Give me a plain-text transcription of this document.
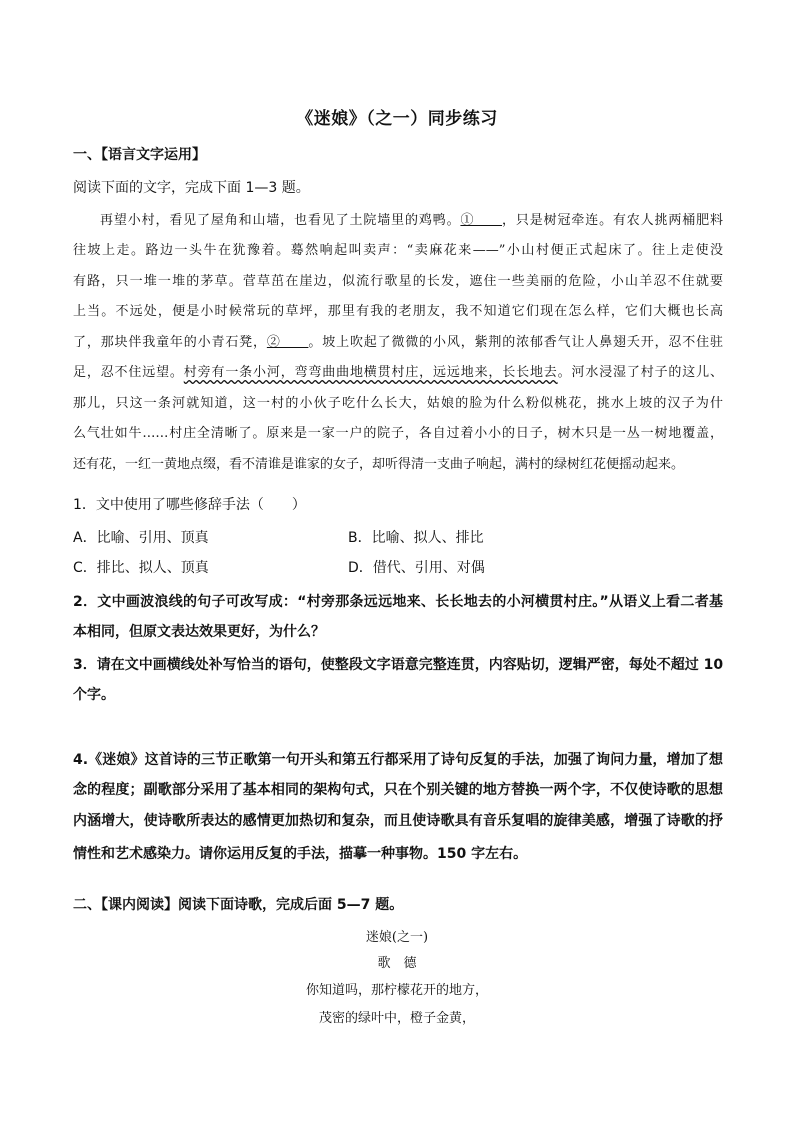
《迷娘》（之一）同步练习
一、【语言文字运用】
阅读下面的文字，完成下面 1—3 题。
再望小村，看见了屋角和山墙，也看见了土院墙里的鸡鸭。①　　，只是树冠牵连。有农人挑两桶肥料
往坡上走。路边一头牛在犹豫着。蓦然响起叫卖声：“卖麻花来——”小山村便正式起床了。往上走使没
有路，只一堆一堆的茅草。菅草茁在崖边，似流行歌星的长发，遮住一些美丽的危险，小山羊忍不住就要
上当。不远处，便是小时候常玩的草坪，那里有我的老朋友，我不知道它们现在怎么样，它们大概也长高
了，那块伴我童年的小青石凳，②　　。坡上吹起了微微的小风，紫荆的浓郁香气让人鼻翅夭开，忍不住驻
足，忍不住远望。村旁有一条小河，弯弯曲曲地横贯村庄，远远地来，长长地去。河水浸湿了村子的这儿、
那儿，只这一条河就知道，这一村的小伙子吃什么长大，姑娘的脸为什么粉似桃花，挑水上坡的汉子为什
么气壮如牛……村庄全清晰了。原来是一家一户的院子，各自过着小小的日子，树木只是一丛一树地覆盖，
还有花，一红一黄地点缀，看不清谁是谁家的女子，却听得清一支曲子响起，满村的绿树红花便摇动起来。
1．文中使用了哪些修辞手法（　　）
A．比喻、引用、顶真	B．比喻、拟人、排比
C．排比、拟人、顶真	D．借代、引用、对偶
2．文中画波浪线的句子可改写成：“村旁那条远远地来、长长地去的小河横贯村庄。”从语义上看二者基
本相同，但原文表达效果更好，为什么？
3．请在文中画横线处补写恰当的语句，使整段文字语意完整连贯，内容贴切，逻辑严密，每处不超过 10
个字。
4.《迷娘》这首诗的三节正歌第一句开头和第五行都采用了诗句反复的手法，加强了询问力量，增加了想
念的程度；副歌部分采用了基本相同的架构句式，只在个别关键的地方替换一两个字，不仅使诗歌的思想
内涵增大，使诗歌所表达的感情更加热切和复杂，而且使诗歌具有音乐复唱的旋律美感，增强了诗歌的抒
情性和艺术感染力。请你运用反复的手法，描摹一种事物。150 字左右。
二、【课内阅读】阅读下面诗歌，完成后面 5—7 题。
迷娘(之一)
歌　德
你知道吗，那柠檬花开的地方，
茂密的绿叶中，橙子金黄，
